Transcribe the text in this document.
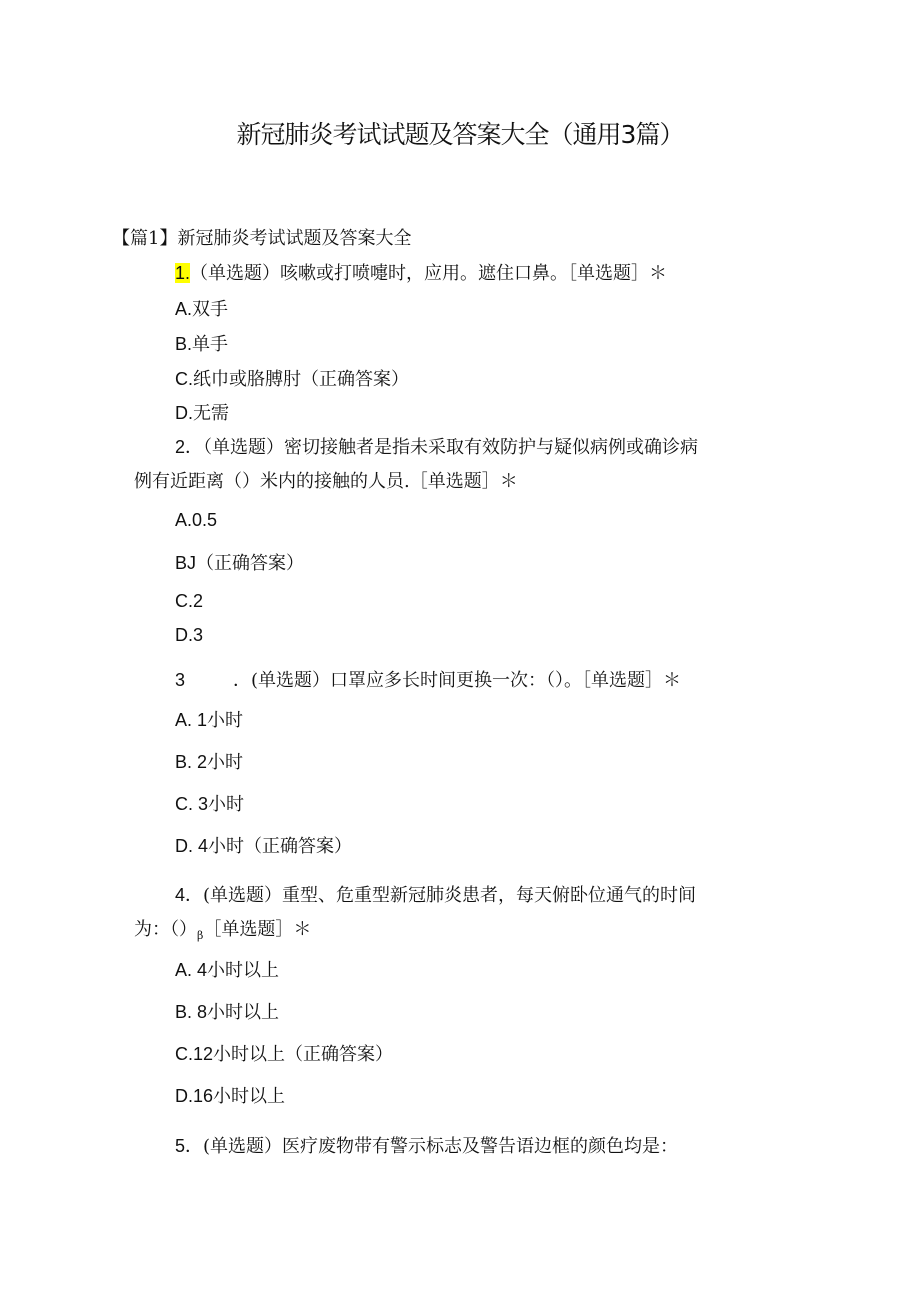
新冠肺炎考试试题及答案大全（通用3篇）
【篇1】新冠肺炎考试试题及答案大全
1.（单选题）咳嗽或打喷嚏时，应用。遮住口鼻。［单选题］＊
A.双手
B.单手
C.纸巾或胳膊肘（正确答案）
D.无需
2．（单选题）密切接触者是指未采取有效防护与疑似病例或确诊病
例有近距离（）米内的接触的人员.［单选题］＊
A.0.5
BJ（正确答案）
C.2
D.3
3	．(单选题）口罩应多长时间更换一次：（）。［单选题］＊
A. 1小时
B. 2小时
C. 3小时
D. 4小时（正确答案）
4．(单选题）重型、危重型新冠肺炎患者，每天俯卧位通气的时间
为：$()_\beta[$单选题］＊
A. 4小时以上
B. 8小时以上
C.12小时以上（正确答案）
D.16小时以上
5．(单选题）医疗废物带有警示标志及警告语边框的颜色均是：
